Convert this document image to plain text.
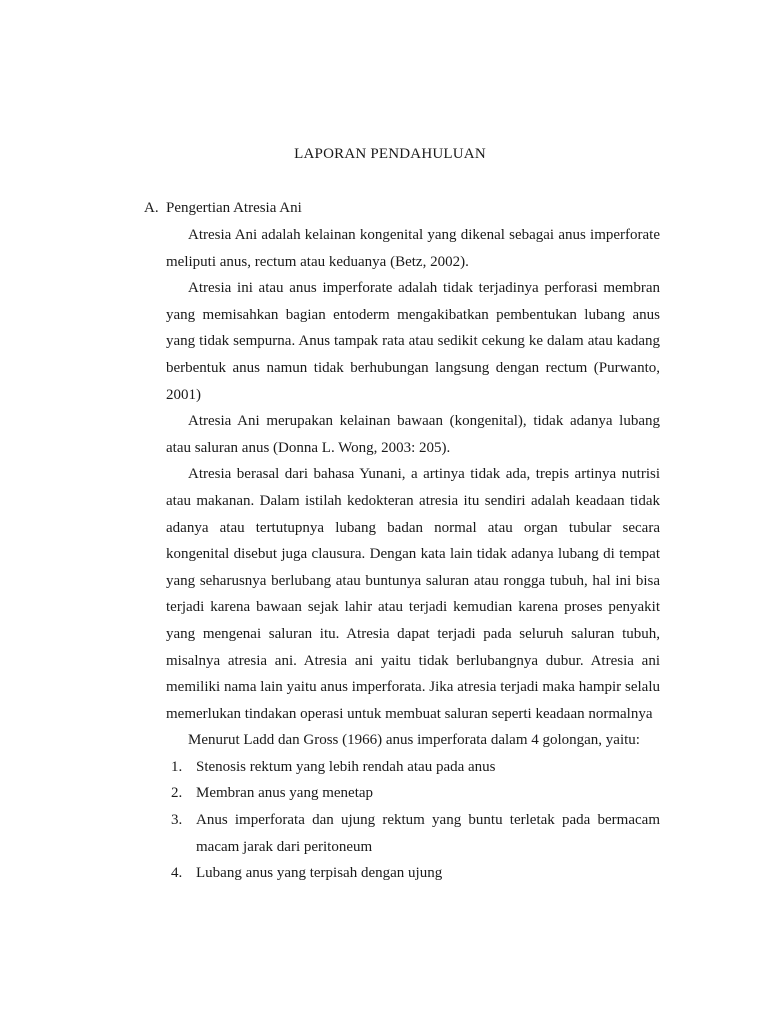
LAPORAN PENDAHULUAN
A. Pengertian Atresia Ani

Atresia Ani adalah kelainan kongenital yang dikenal sebagai anus imperforate meliputi anus, rectum atau keduanya (Betz, 2002).

Atresia ini atau anus imperforate adalah tidak terjadinya perforasi membran yang memisahkan bagian entoderm mengakibatkan pembentukan lubang anus yang tidak sempurna. Anus tampak rata atau sedikit cekung ke dalam atau kadang berbentuk anus namun tidak berhubungan langsung dengan rectum (Purwanto, 2001)

Atresia Ani merupakan kelainan bawaan (kongenital), tidak adanya lubang atau saluran anus (Donna L. Wong, 2003: 205).

Atresia berasal dari bahasa Yunani, a artinya tidak ada, trepis artinya nutrisi atau makanan. Dalam istilah kedokteran atresia itu sendiri adalah keadaan tidak adanya atau tertutupnya lubang badan normal atau organ tubular secara kongenital disebut juga clausura. Dengan kata lain tidak adanya lubang di tempat yang seharusnya berlubang atau buntunya saluran atau rongga tubuh, hal ini bisa terjadi karena bawaan sejak lahir atau terjadi kemudian karena proses penyakit yang mengenai saluran itu. Atresia dapat terjadi pada seluruh saluran tubuh, misalnya atresia ani. Atresia ani yaitu tidak berlubangnya dubur. Atresia ani memiliki nama lain yaitu anus imperforata. Jika atresia terjadi maka hampir selalu memerlukan tindakan operasi untuk membuat saluran seperti keadaan normalnya

Menurut Ladd dan Gross (1966) anus imperforata dalam 4 golongan, yaitu:

1. Stenosis rektum yang lebih rendah atau pada anus
2. Membran anus yang menetap
3. Anus imperforata dan ujung rektum yang buntu terletak pada bermacam macam jarak dari peritoneum
4. Lubang anus yang terpisah dengan ujung
